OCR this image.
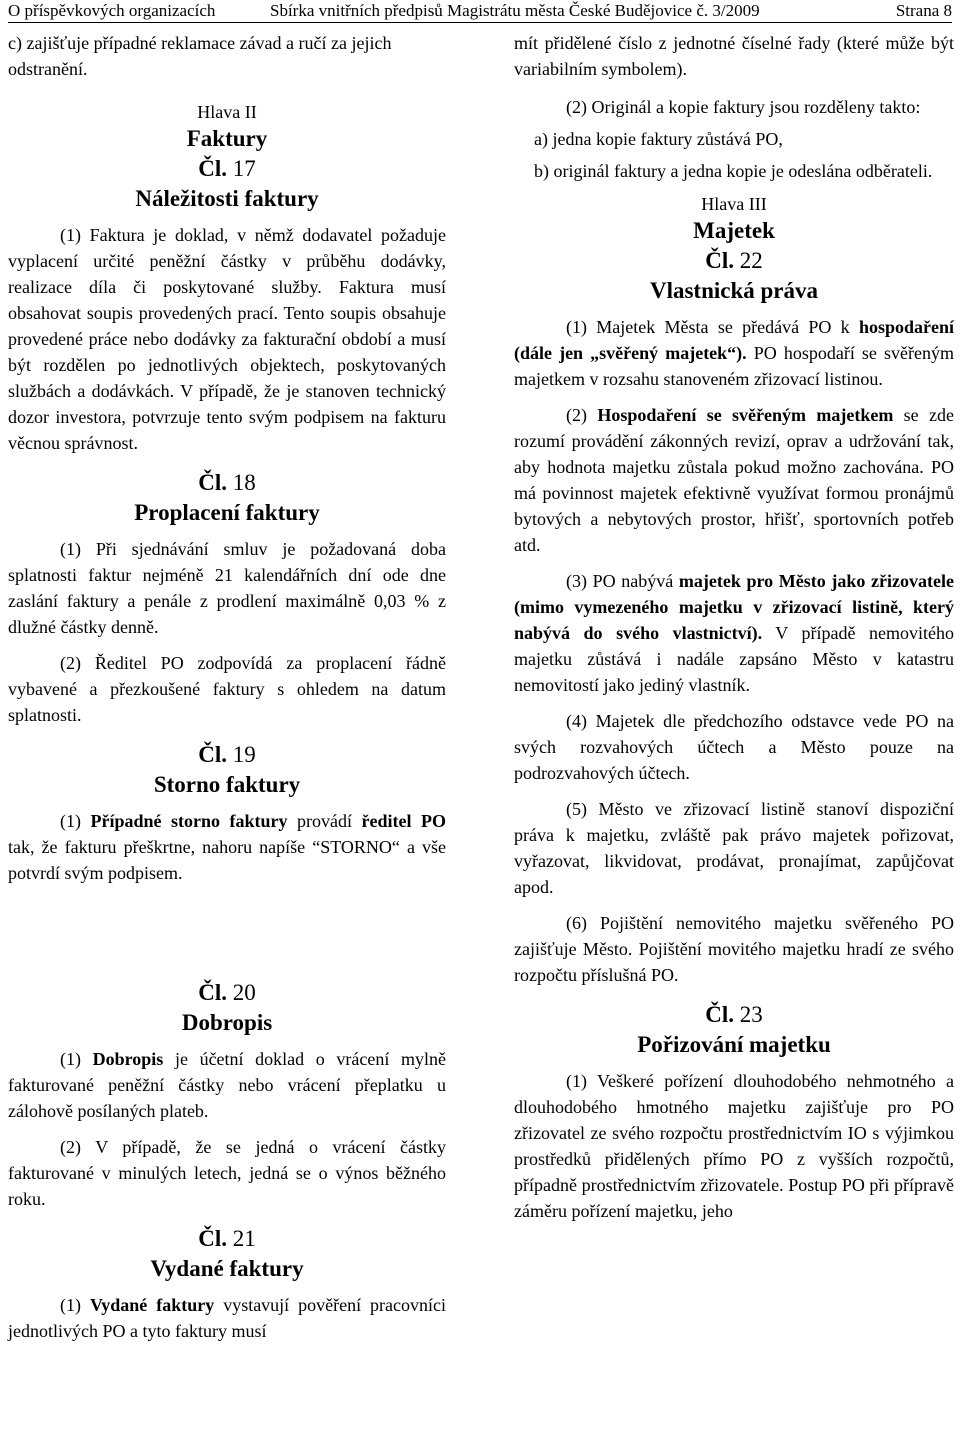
O příspěvkových organizacích	Sbírka vnitřních předpisů Magistrátu města České Budějovice č. 3/2009	Strana 8

c) zajišťuje případné reklamace závad a ručí za jejich odstranění.

Hlava II
Faktury
Čl. 17
Náležitosti faktury

(1) Faktura je doklad, v němž dodavatel požaduje vyplacení určité peněžní částky v průběhu dodávky, realizace díla či poskytované služby. Faktura musí obsahovat soupis provedených prací. Tento soupis obsahuje provedené práce nebo dodávky za fakturační období a musí být rozdělen po jednotlivých objektech, poskytovaných službách a dodávkách. V případě, že je stanoven technický dozor investora, potvrzuje tento svým podpisem na fakturu věcnou správnost.

Čl. 18
Proplacení faktury

(1) Při sjednávání smluv je požadovaná doba splatnosti faktur nejméně 21 kalendářních dní ode dne zaslání faktury a penále z prodlení maximálně 0,03 % z dlužné částky denně.

(2) Ředitel PO zodpovídá za proplacení řádně vybavené a přezkoušené faktury s ohledem na datum splatnosti.

Čl. 19
Storno faktury

(1) Případné storno faktury provádí ředitel PO tak, že fakturu přeškrtne, nahoru napíše “STORNO“ a vše potvrdí svým podpisem.

Čl. 20
Dobropis

(1) Dobropis je účetní doklad o vrácení mylně fakturované peněžní částky nebo vrácení přeplatku u zálohově posílaných plateb.

(2) V případě, že se jedná o vrácení částky fakturované v minulých letech, jedná se o výnos běžného roku.

Čl. 21
Vydané faktury

(1) Vydané faktury vystavují pověření pracovníci jednotlivých PO a tyto faktury musí

mít přidělené číslo z jednotné číselné řady (které může být variabilním symbolem).

(2) Originál a kopie faktury jsou rozděleny takto:

a) jedna kopie faktury zůstává PO,

b) originál faktury a jedna kopie je odeslána odběrateli.

Hlava III
Majetek
Čl. 22
Vlastnická práva

(1) Majetek Města se předává PO k hospodaření (dále jen „svěřený majetek“). PO hospodaří se svěřeným majetkem v rozsahu stanoveném zřizovací listinou.

(2) Hospodaření se svěřeným majetkem se zde rozumí provádění zákonných revizí, oprav a udržování tak, aby hodnota majetku zůstala pokud možno zachována. PO má povinnost majetek efektivně využívat formou pronájmů bytových a nebytových prostor, hřišť, sportovních potřeb atd.

(3) PO nabývá majetek pro Město jako zřizovatele (mimo vymezeného majetku v zřizovací listině, který nabývá do svého vlastnictví). V případě nemovitého majetku zůstává i nadále zapsáno Město v katastru nemovitostí jako jediný vlastník.

(4) Majetek dle předchozího odstavce vede PO na svých rozvahových účtech a Město pouze na podrozvahových účtech.

(5) Město ve zřizovací listině stanoví dispoziční práva k majetku, zvláště pak právo majetek pořizovat, vyřazovat, likvidovat, prodávat, pronajímat, zapůjčovat apod.

(6) Pojištění nemovitého majetku svěřeného PO zajišťuje Město. Pojištění movitého majetku hradí ze svého rozpočtu příslušná PO.

Čl. 23
Pořizování majetku

(1) Veškeré pořízení dlouhodobého nehmotného a dlouhodobého hmotného majetku zajišťuje pro PO zřizovatel ze svého rozpočtu prostřednictvím IO s výjimkou prostředků přidělených přímo PO z vyšších rozpočtů, případně prostřednictvím zřizovatele. Postup PO při přípravě záměru pořízení majetku, jeho
